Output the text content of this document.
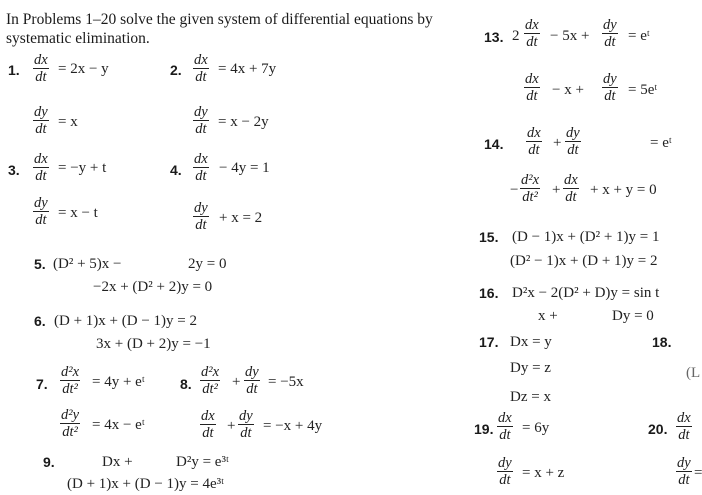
In Problems 1–20 solve the given system of differential equations by
systematic elimination.
1.
dx
dt = 2x − y
dy
dt = x
2.
dx
dt = 4x + 7y
dy
dt = x − 2y
3.
dx
dt = −y + t
dy
dt = x − t
4.
dx
dt − 4y = 1
dy
dt + x = 2
5. (D² + 5)x −	2y = 0
−2x + (D² + 2)y = 0
6. (D + 1)x + (D − 1)y = 2
3x + (D + 2)y = −1
7.
d²x
dt² = 4y + eᵗ
d²y
dt² = 4x − eᵗ
8.
d²x
dt² +
dy
dt = −5x
dx
dt +
dy
dt = −x + 4y
9.	Dx +	D²y = e³ᵗ
(D + 1)x + (D − 1)y = 4e³ᵗ
13. 2
dx
dt − 5x +
dy
dt = eᵗ
dx
dt − x +
dy
dt = 5eᵗ
14.
dx
dt +
dy
dt	= eᵗ
−
d²x
dt² +
dx
dt + x + y = 0
15. (D − 1)x + (D² + 1)y = 1
(D² − 1)x + (D + 1)y = 2
16. D²x − 2(D² + D)y = sin t
x +	Dy = 0
17. Dx = y
Dy = z
Dz = x
18.
(L
19.
dx
dt = 6y
dy
dt = x + z
20.
dx
dt
dy
dt =
